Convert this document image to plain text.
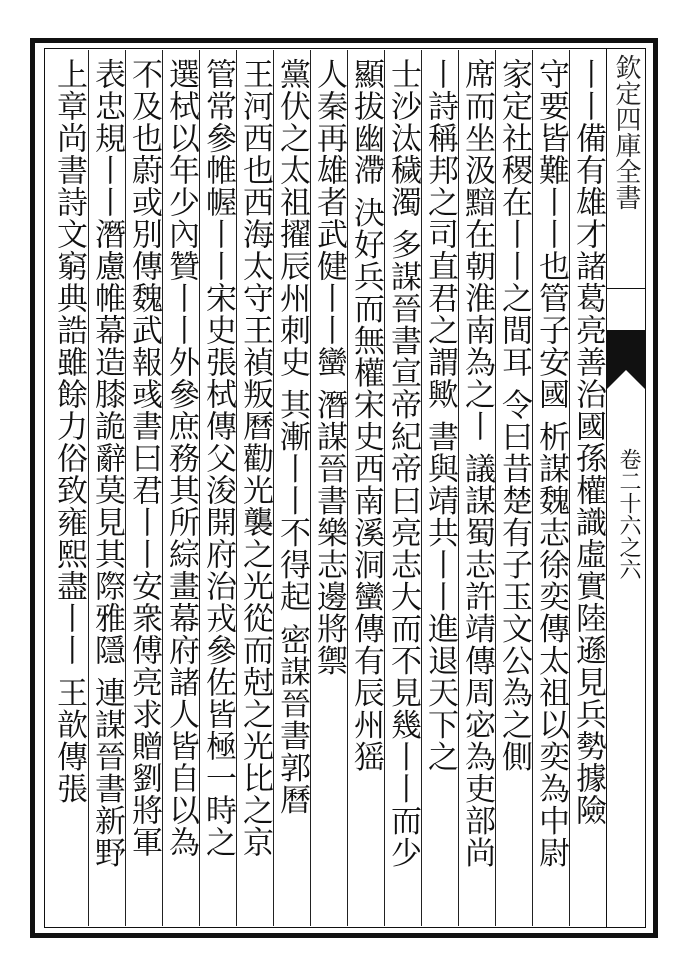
欽定四庫全書
卷二十六之六
丨丨備有雄才諸葛亮善治國孫權識虛實陸遜見兵勢據險
守要皆難丨丨也管子安國 析謀魏志徐奕傳太祖以奕為中尉
家定社稷在丨丨之間耳 令曰昔楚有子玉文公為之側
席而坐汲黯在朝淮南為之丨 議謀蜀志許靖傳周宓為吏部尚
丨詩稱邦之司直君之謂歟 書與靖共丨丨進退天下之
士沙汰穢濁 多謀晉書宣帝紀帝曰亮志大而不見幾丨丨而少
顯拔幽滯 決好兵而無權宋史西南溪洞蠻傳有辰州猺
人秦再雄者武健丨丨蠻 潛謀晉書樂志邊將禦
黨伏之太祖擢辰州刺史 其漸丨丨不得起 密謀晉書郭曆
王河西也西海太守王禎叛曆勸光襲之光從而尅之光比之京
管常參帷幄丨丨宋史張栻傳父浚開府治戎參佐皆極一時之
選栻以年少內贊丨丨外參庶務其所綜畫幕府諸人皆自以為
不及也蔚或別傳魏武報彧書曰君丨丨安衆傅亮求贈劉將軍
表忠規丨丨潛慮帷幕造膝詭辭莫見其際雅隱 連謀晉書新野
上章尚書詩文窮典誥雖餘力俗致雍熙盡丨丨 王歆傳張
